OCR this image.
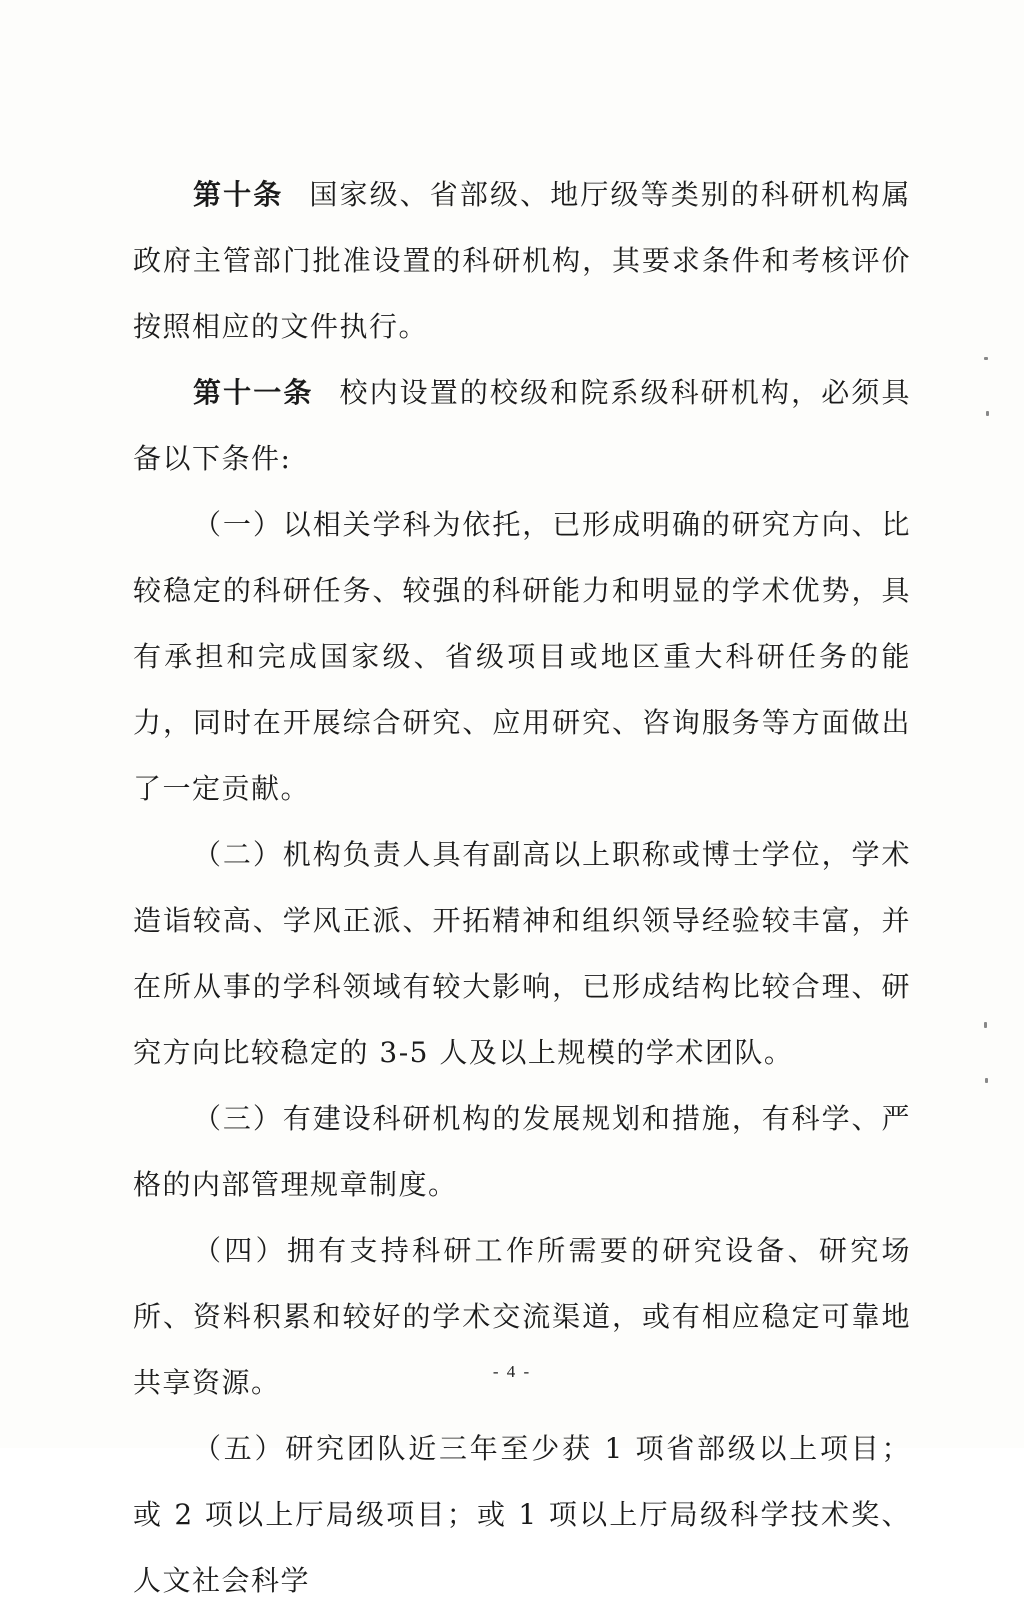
第十条 国家级、省部级、地厅级等类别的科研机构属政府主管部门批准设置的科研机构，其要求条件和考核评价按照相应的文件执行。

第十一条 校内设置的校级和院系级科研机构，必须具备以下条件:

（一）以相关学科为依托，已形成明确的研究方向、比较稳定的科研任务、较强的科研能力和明显的学术优势，具有承担和完成国家级、省级项目或地区重大科研任务的能力，同时在开展综合研究、应用研究、咨询服务等方面做出了一定贡献。

（二）机构负责人具有副高以上职称或博士学位，学术造诣较高、学风正派、开拓精神和组织领导经验较丰富，并在所从事的学科领域有较大影响，已形成结构比较合理、研究方向比较稳定的 3-5 人及以上规模的学术团队。

（三）有建设科研机构的发展规划和措施，有科学、严格的内部管理规章制度。

（四）拥有支持科研工作所需要的研究设备、研究场所、资料积累和较好的学术交流渠道，或有相应稳定可靠地共享资源。

（五）研究团队近三年至少获 1 项省部级以上项目；或 2 项以上厅局级项目；或 1 项以上厅局级科学技术奖、人文社会科学

- 4 -
